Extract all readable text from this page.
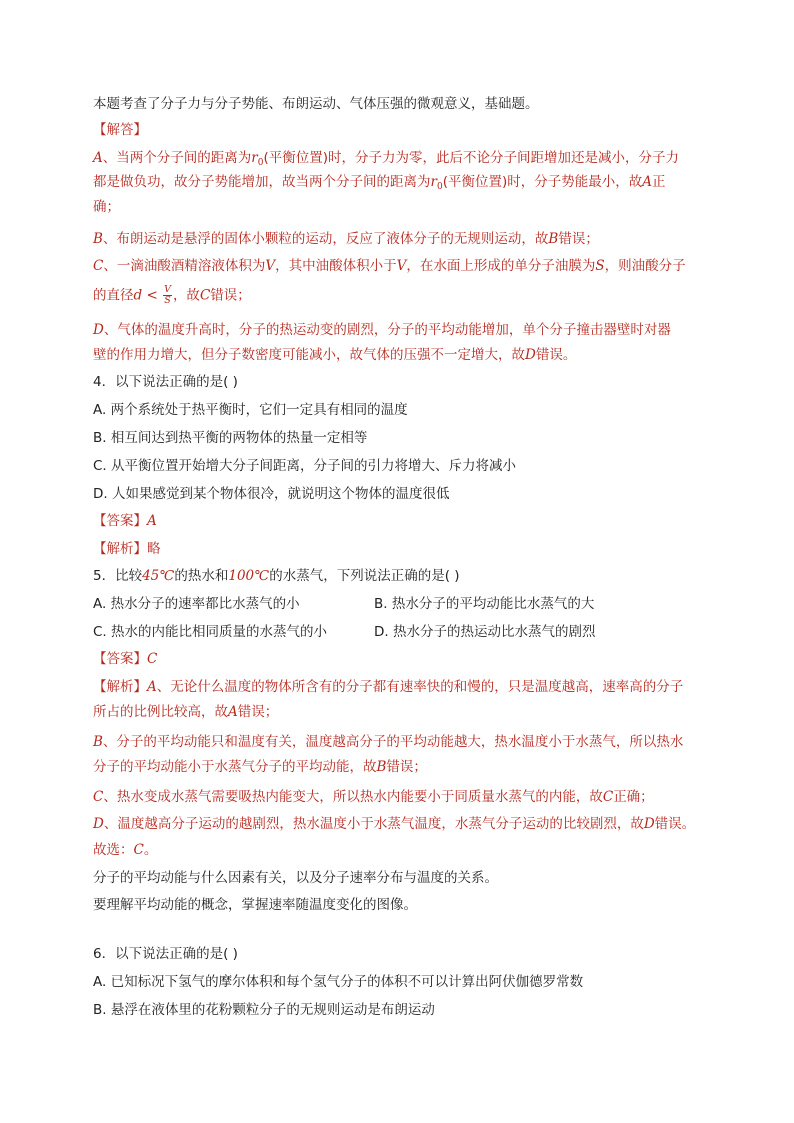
本题考查了分子力与分子势能、布朗运动、气体压强的微观意义，基础题。
【解答】
A、当两个分子间的距离为$r_0$(平衡位置)时，分子力为零，此后不论分子间距增加还是减小，分子力
都是做负功，故分子势能增加，故当两个分子间的距离为$r_0$(平衡位置)时，分子势能最小，故A正
确；
B、布朗运动是悬浮的固体小颗粒的运动，反应了液体分子的无规则运动，故B错误；
C、一滴油酸酒精溶液体积为V，其中油酸体积小于V，在水面上形成的单分子油膜为S，则油酸分子
的直径$d < \frac{V}{S}$ ，故C错误；
D、气体的温度升高时，分子的热运动变的剧烈，分子的平均动能增加，单个分子撞击器壁时对器
壁的作用力增大，但分子数密度可能减小，故气体的压强不一定增大，故D错误。
4．以下说法正确的是( )
A. 两个系统处于热平衡时，它们一定具有相同的温度
B. 相互间达到热平衡的两物体的热量一定相等
C. 从平衡位置开始增大分子间距离，分子间的引力将增大、斥力将减小
D. 人如果感觉到某个物体很冷，就说明这个物体的温度很低
【答案】A
【解析】略
5．比较45℃的热水和100℃的水蒸气，下列说法正确的是( )
A. 热水分子的速率都比水蒸气的小	B. 热水分子的平均动能比水蒸气的大
C. 热水的内能比相同质量的水蒸气的小	D. 热水分子的热运动比水蒸气的剧烈
【答案】C
【解析】A、无论什么温度的物体所含有的分子都有速率快的和慢的，只是温度越高，速率高的分子
所占的比例比较高，故A错误；
B、分子的平均动能只和温度有关，温度越高分子的平均动能越大，热水温度小于水蒸气，所以热水
分子的平均动能小于水蒸气分子的平均动能，故B错误；
C、热水变成水蒸气需要吸热内能变大，所以热水内能要小于同质量水蒸气的内能，故C正确；
D、温度越高分子运动的越剧烈，热水温度小于水蒸气温度，水蒸气分子运动的比较剧烈，故D错误。
故选：C。
分子的平均动能与什么因素有关，以及分子速率分布与温度的关系。
要理解平均动能的概念，掌握速率随温度变化的图像。
6．以下说法正确的是( )
A. 已知标况下氢气的摩尔体积和每个氢气分子的体积不可以计算出阿伏伽德罗常数
B. 悬浮在液体里的花粉颗粒分子的无规则运动是布朗运动
